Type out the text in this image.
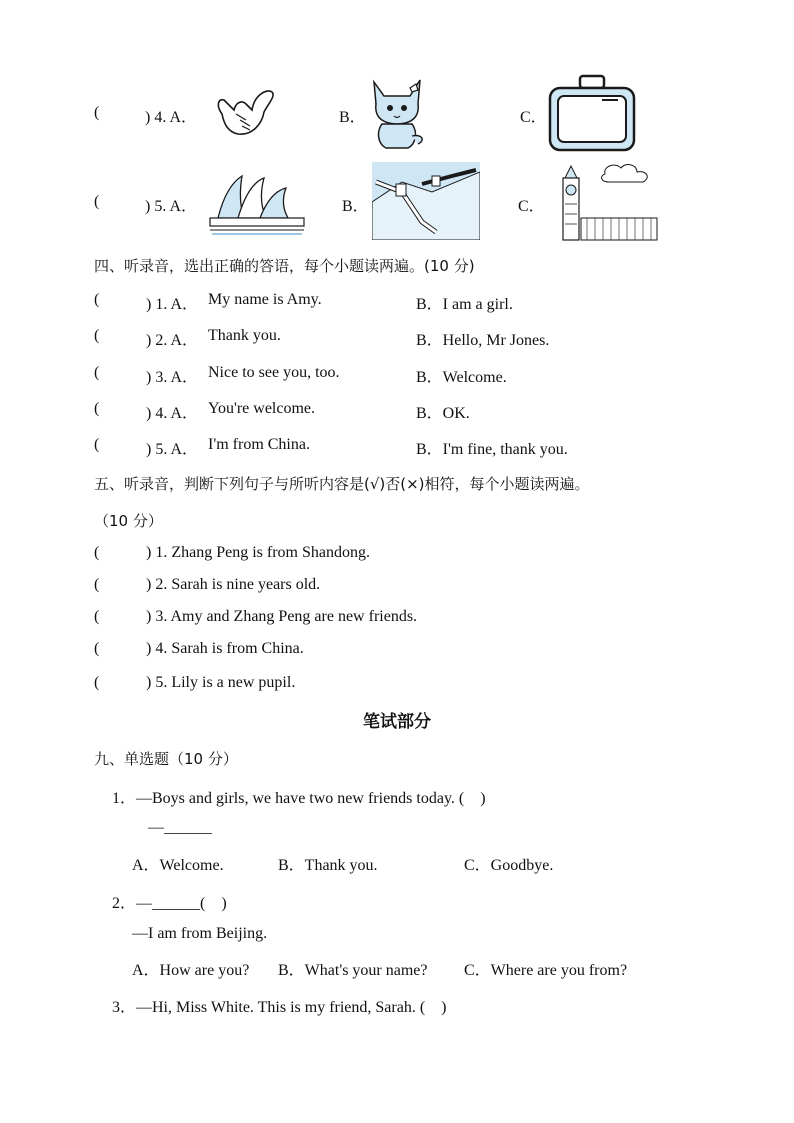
(	) 4. A．	B．	C．
(	) 5. A．	B．	C．
四、听录音，选出正确的答语，每个小题读两遍。(10 分)
(	) 1. A． My name is Amy.	B．I am a girl.
(	) 2. A． Thank you.	B．Hello, Mr Jones.
(	) 3. A． Nice to see you, too.	B．Welcome.
(	) 4. A． You're welcome.	B．OK.
(	) 5. A． I'm from China.	B．I'm fine, thank you.
五、听录音，判断下列句子与所听内容是(√)否(×)相符，每个小题读两遍。
（10 分）
(	) 1. Zhang Peng is from Shandong.
(	) 2. Sarah is nine years old.
(	) 3. Amy and Zhang Peng are new friends.
(	) 4. Sarah is from China.
(	) 5. Lily is a new pupil.
笔试部分
九、单选题（10 分）
1．—Boys and girls, we have two new friends today. (　)
—______
A．Welcome.	B．Thank you.	C．Goodbye.
2．—______(　)
—I am from Beijing.
A．How are you? B．What's your name? C．Where are you from?
3．—Hi, Miss White. This is my friend, Sarah. (　)
